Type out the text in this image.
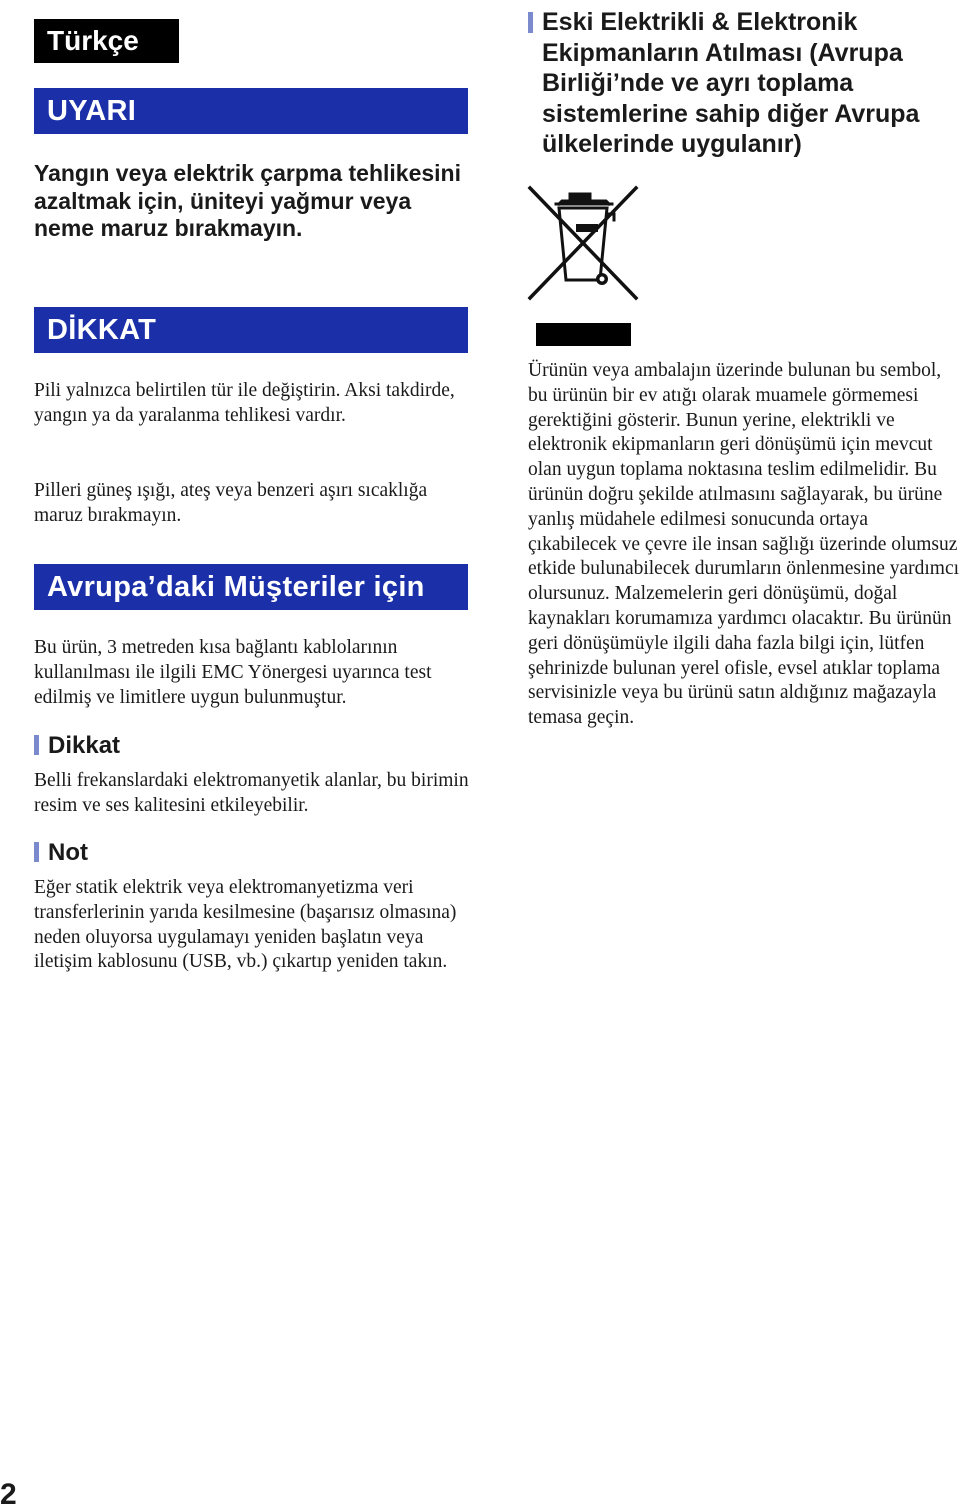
Türkçe
UYARI

Yangın veya elektrik çarpma tehlikesini azaltmak için, üniteyi yağmur veya neme maruz bırakmayın.

DİKKAT

Pili yalnızca belirtilen tür ile değiştirin. Aksi takdirde, yangın ya da yaralanma tehlikesi vardır.

Pilleri güneş ışığı, ateş veya benzeri aşırı sıcaklığa maruz bırakmayın.

Avrupa’daki Müşteriler için

Bu ürün, 3 metreden kısa bağlantı kablolarının kullanılması ile ilgili EMC Yönergesi uyarınca test edilmiş ve limitlere uygun bulunmuştur.

Dikkat

Belli frekanslardaki elektromanyetik alanlar, bu birimin resim ve ses kalitesini etkileyebilir.

Not

Eğer statik elektrik veya elektromanyetizma veri transferlerinin yarıda kesilmesine (başarısız olmasına) neden oluyorsa uygulamayı yeniden başlatın veya iletişim kablosunu (USB, vb.) çıkartıp yeniden takın.

Eski Elektrikli & Elektronik Ekipmanların Atılması (Avrupa Birliği’nde ve ayrı toplama sistemlerine sahip diğer Avrupa ülkelerinde uygulanır)

Ürünün veya ambalajın üzerinde bulunan bu sembol, bu ürünün bir ev atığı olarak muamele görmemesi gerektiğini gösterir. Bunun yerine, elektrikli ve elektronik ekipmanların geri dönüşümü için mevcut olan uygun toplama noktasına teslim edilmelidir. Bu ürünün doğru şekilde atılmasını sağlayarak, bu ürüne yanlış müdahele edilmesi sonucunda ortaya çıkabilecek ve çevre ile insan sağlığı üzerinde olumsuz etkide bulunabilecek durumların önlenmesine yardımcı olursunuz. Malzemelerin geri dönüşümü, doğal kaynakları korumamıza yardımcı olacaktır. Bu ürünün geri dönüşümüyle ilgili daha fazla bilgi için, lütfen şehrinizde bulunan yerel ofisle, evsel atıklar toplama servisinizle veya bu ürünü satın aldığınız mağazayla temasa geçin.

2
